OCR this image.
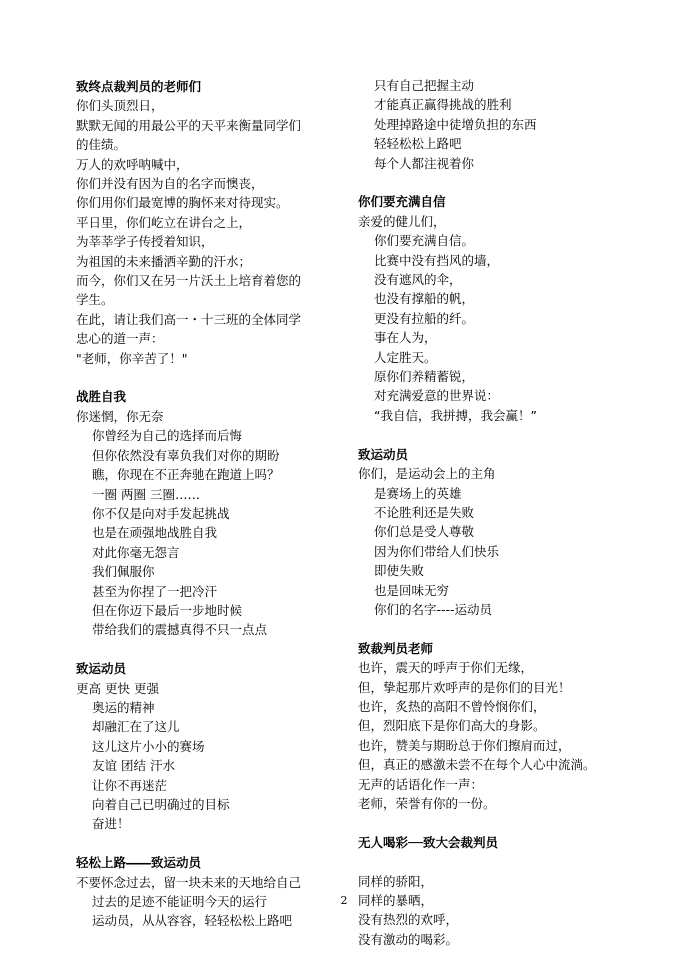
致终点裁判员的老师们

你们头顶烈日，

默默无闻的用最公平的天平来衡量同学们

的佳绩。

万人的欢呼呐喊中，

你们并没有因为自的名字而懊丧，

你们用你们最宽博的胸怀来对待现实。

平日里，你们屹立在讲台之上，

为莘莘学子传授着知识，

为祖国的未来播洒辛勤的汗水；

而今，你们又在另一片沃土上培育着您的

学生。

在此，请让我们高一・十三班的全体同学

忠心的道一声：

"老师，你辛苦了！"

战胜自我

你迷惘，你无奈

你曾经为自己的选择而后悔

但你依然没有辜负我们对你的期盼

瞧，你现在不正奔驰在跑道上吗？

一圈 两圈 三圈……

你不仅是向对手发起挑战

也是在顽强地战胜自我

对此你毫无怨言

我们佩服你

甚至为你捏了一把冷汗

但在你迈下最后一步地时候

带给我们的震撼真得不只一点点

致运动员

更高 更快 更强

奥运的精神

却融汇在了这儿

这儿这片小小的赛场

友谊 团结 汗水

让你不再迷茫

向着自己已明确过的目标

奋进！

轻松上路――致运动员

不要怀念过去，留一块未来的天地给自己

过去的足迹不能证明今天的运行

运动员，从从容容，轻轻松松上路吧

只有自己把握主动

才能真正赢得挑战的胜利

处理掉路途中徒增负担的东西

轻轻松松上路吧

每个人都注视着你

你们要充满自信

亲爱的健儿们，

你们要充满自信。

比赛中没有挡风的墙，

没有遮风的伞，

也没有撑船的帆，

更没有拉船的纤。

事在人为，

人定胜天。

原你们养精蓄锐，

对充满爱意的世界说：

“我自信，我拼搏，我会赢！”

致运动员

你们，是运动会上的主角

是赛场上的英雄

不论胜利还是失败

你们总是受人尊敬

因为你们带给人们快乐

即使失败

也是回味无穷

你们的名字----运动员

致裁判员老师

也许，震天的呼声于你们无缘，

但，挚起那片欢呼声的是你们的目光！

也许，炙热的高阳不曾怜悯你们，

但，烈阳底下是你们高大的身影。

也许，赞美与期盼总于你们擦肩而过，

但，真正的感激未尝不在每个人心中流淌。

无声的话语化作一声：

老师，荣誉有你的一份。

无人喝彩──致大会裁判员

同样的骄阳，

同样的暴晒，

没有热烈的欢呼，

没有激动的喝彩。

2
